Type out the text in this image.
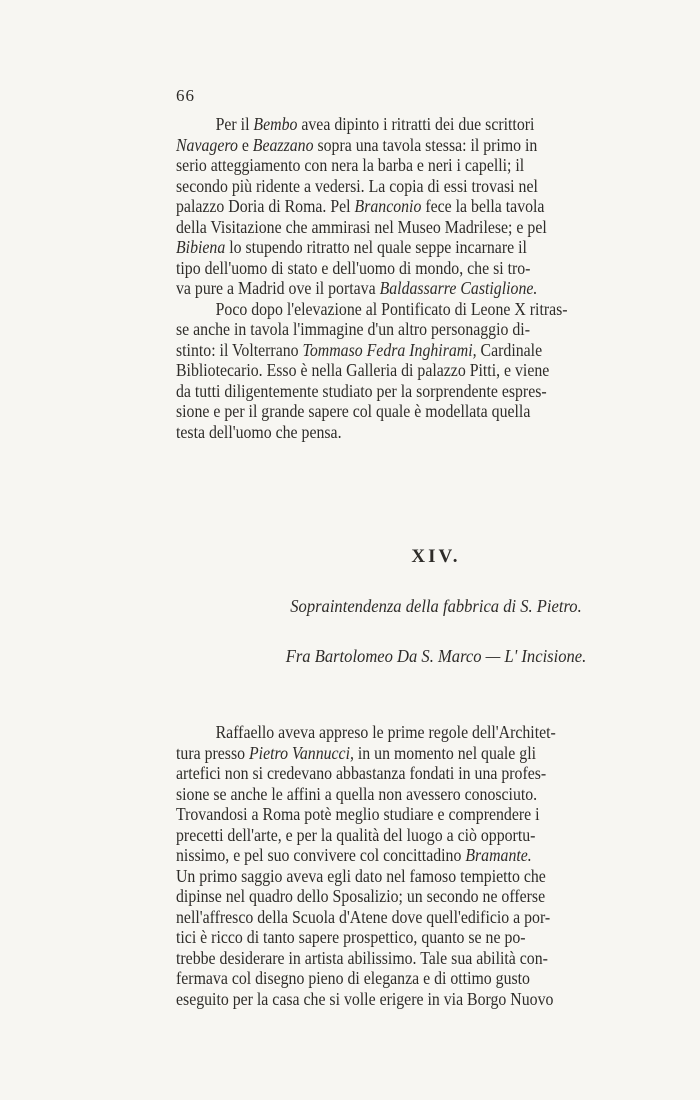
66
Per il Bembo avea dipinto i ritratti dei due scrittori
Navagero e Beazzano sopra una tavola stessa: il primo in
serio atteggiamento con nera la barba e neri i capelli; il
secondo più ridente a vedersi. La copia di essi trovasi nel
palazzo Doria di Roma. Pel Branconio fece la bella tavola
della Visitazione che ammirasi nel Museo Madrilese; e pel
Bibiena lo stupendo ritratto nel quale seppe incarnare il
tipo dell'uomo di stato e dell'uomo di mondo, che si tro-
va pure a Madrid ove il portava Baldassarre Castiglione.
Poco dopo l'elevazione al Pontificato di Leone X ritras-
se anche in tavola l'immagine d'un altro personaggio di-
stinto: il Volterrano Tommaso Fedra Inghirami, Cardinale
Bibliotecario. Esso è nella Galleria di palazzo Pitti, e viene
da tutti diligentemente studiato per la sorprendente espres-
sione e per il grande sapere col quale è modellata quella
testa dell'uomo che pensa.
XIV.
Sopraintendenza della fabbrica di S. Pietro.
Fra Bartolomeo Da S. Marco — L' Incisione.
Raffaello aveva appreso le prime regole dell'Architet-
tura presso Pietro Vannucci, in un momento nel quale gli
artefici non si credevano abbastanza fondati in una profes-
sione se anche le affini a quella non avessero conosciuto.
Trovandosi a Roma potè meglio studiare e comprendere i
precetti dell'arte, e per la qualità del luogo a ciò opportu-
nissimo, e pel suo convivere col concittadino Bramante.
Un primo saggio aveva egli dato nel famoso tempietto che
dipinse nel quadro dello Sposalizio; un secondo ne offerse
nell'affresco della Scuola d'Atene dove quell'edificio a por-
tici è ricco di tanto sapere prospettico, quanto se ne po-
trebbe desiderare in artista abilissimo. Tale sua abilità con-
fermava col disegno pieno di eleganza e di ottimo gusto
eseguito per la casa che si volle erigere in via Borgo Nuovo
